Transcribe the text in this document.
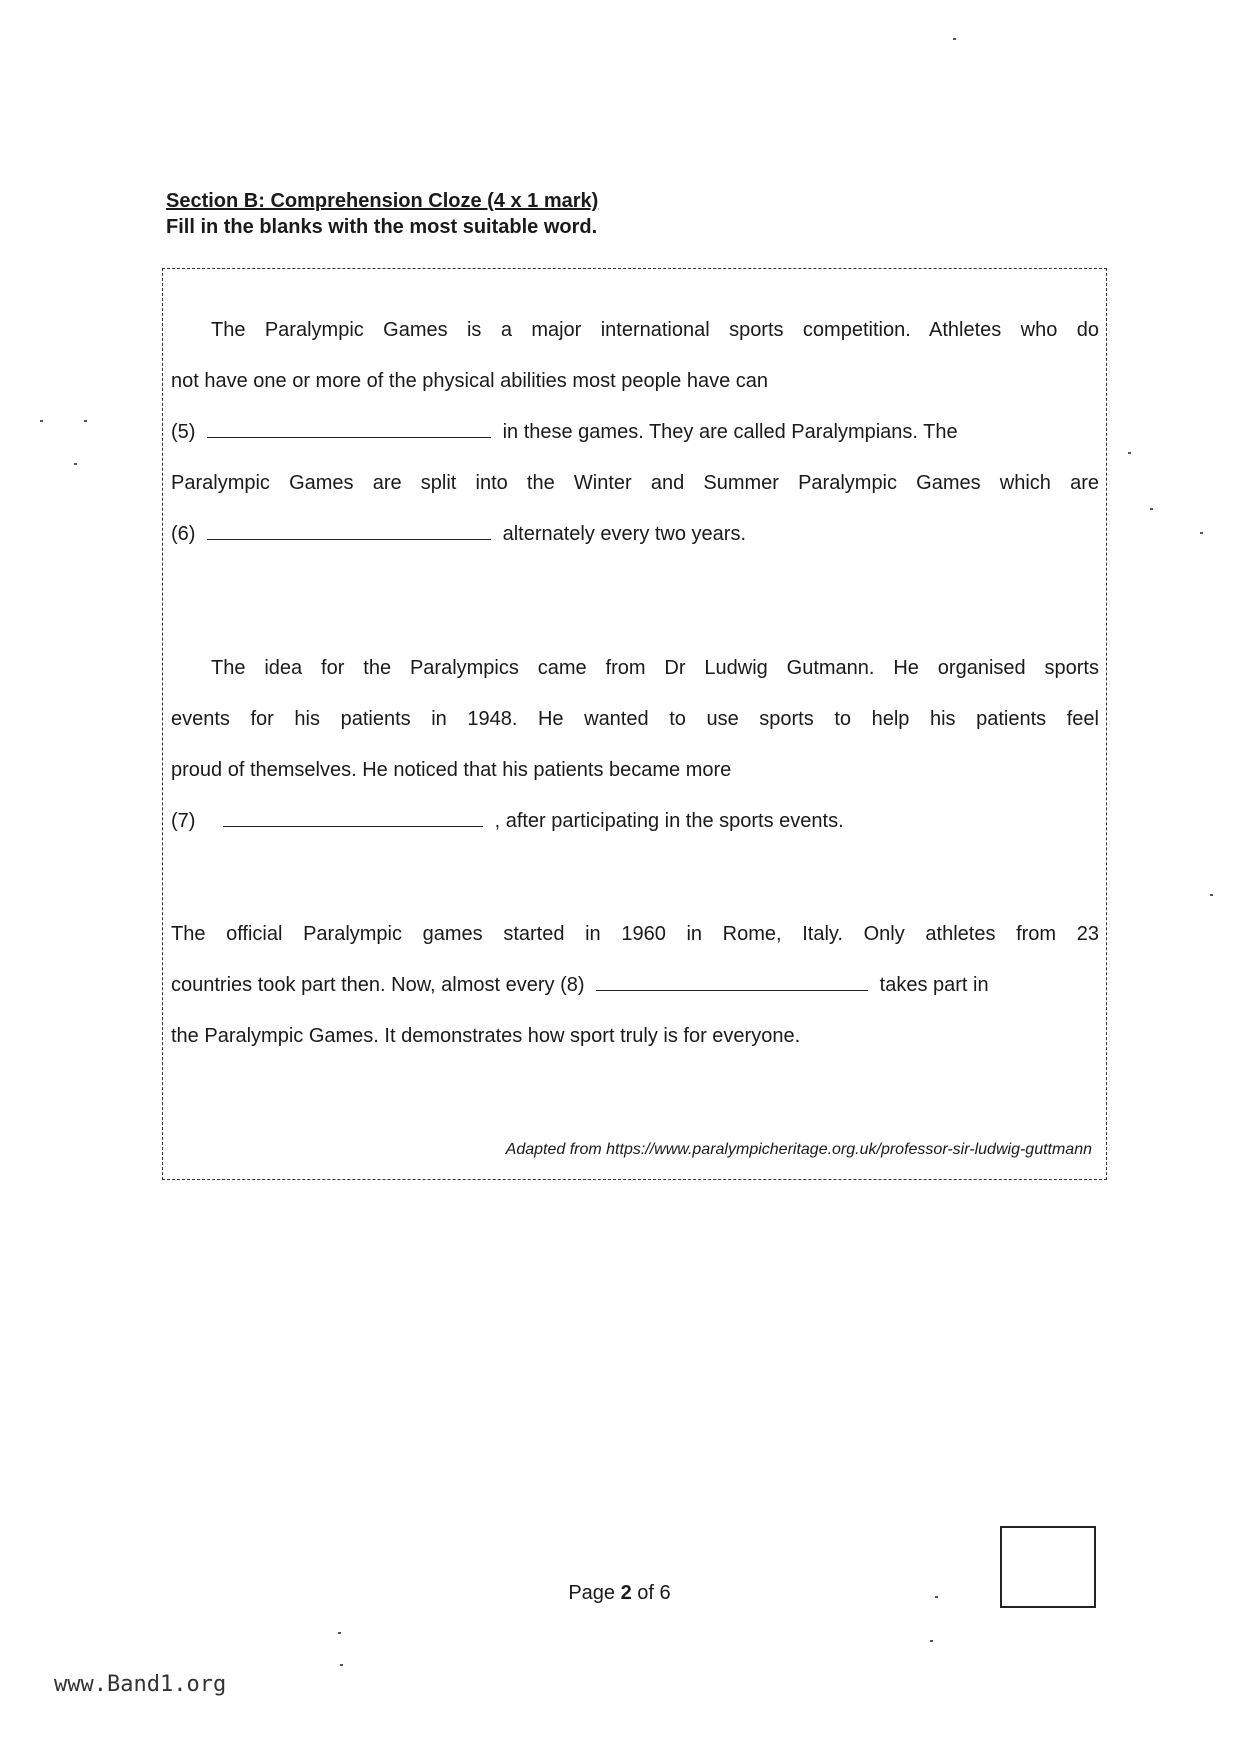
Section B: Comprehension Cloze (4 x 1 mark)
Fill in the blanks with the most suitable word.
The Paralympic Games is a major international sports competition. Athletes who do
not have one or more of the physical abilities most people have can
(5)	in these games. They are called Paralympians. The
Paralympic Games are split into the Winter and Summer Paralympic Games which are
(6)	alternately every two years.
The idea for the Paralympics came from Dr Ludwig Gutmann. He organised sports
events for his patients in 1948. He wanted to use sports to help his patients feel
proud of themselves. He noticed that his patients became more
(7)	, after participating in the sports events.
The official Paralympic games started in 1960 in Rome, Italy. Only athletes from 23
countries took part then. Now, almost every (8)	takes part in
the Paralympic Games. It demonstrates how sport truly is for everyone.
Adapted from https://www.paralympicheritage.org.uk/professor-sir-ludwig-guttmann
Page 2 of 6
www.Band1.org
